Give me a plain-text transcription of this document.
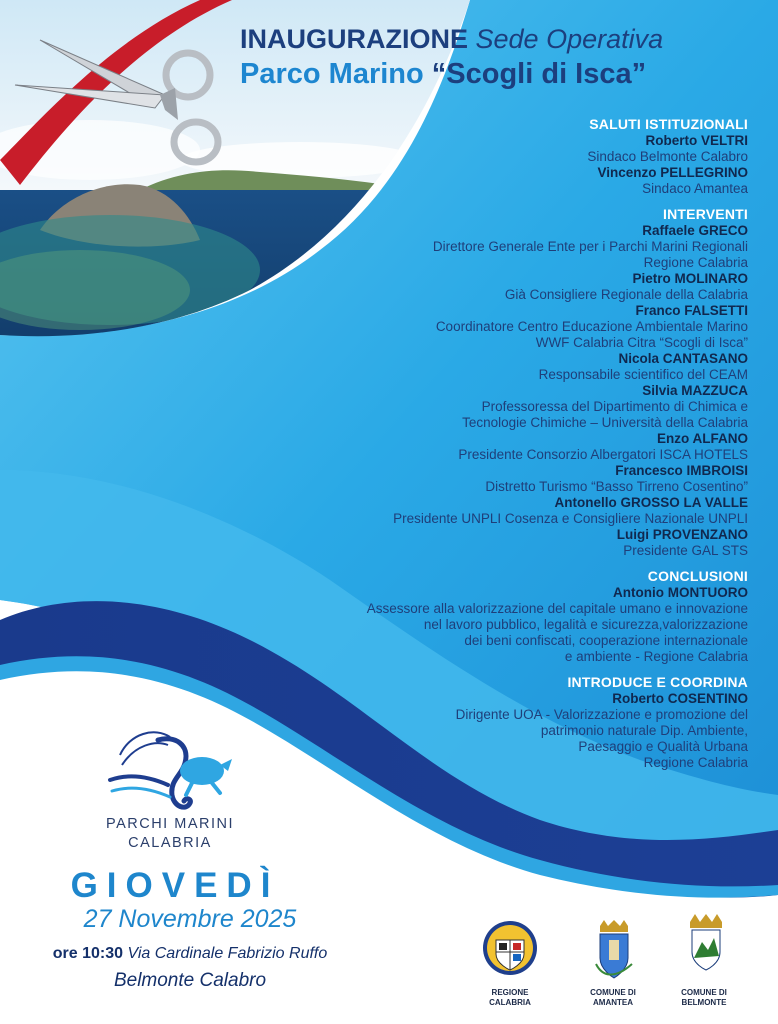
INAUGURAZIONE Sede Operativa
Parco Marino “Scogli di Isca”
SALUTI ISTITUZIONALI
Roberto VELTRI
Sindaco Belmonte Calabro
Vincenzo PELLEGRINO
Sindaco Amantea
INTERVENTI
Raffaele GRECO
Direttore Generale Ente per i Parchi Marini Regionali
Regione Calabria
Pietro MOLINARO
Già Consigliere Regionale della Calabria
Franco FALSETTI
Coordinatore Centro Educazione Ambientale Marino
WWF Calabria Citra “Scogli di Isca”
Nicola CANTASANO
Responsabile scientifico del CEAM
Silvia MAZZUCA
Professoressa del Dipartimento di Chimica e
Tecnologie Chimiche – Università della Calabria
Enzo ALFANO
Presidente Consorzio Albergatori ISCA HOTELS
Francesco IMBROISI
Distretto Turismo “Basso Tirreno Cosentino”
Antonello GROSSO LA VALLE
Presidente UNPLI Cosenza e Consigliere Nazionale UNPLI
Luigi PROVENZANO
Presidente GAL STS
CONCLUSIONI
Antonio MONTUORO
Assessore alla valorizzazione del capitale umano e innovazione
nel lavoro pubblico, legalità e sicurezza,valorizzazione
dei beni confiscati, cooperazione internazionale
e ambiente - Regione Calabria
INTRODUCE E COORDINA
Roberto COSENTINO
Dirigente UOA - Valorizzazione e promozione del
patrimonio naturale Dip. Ambiente,
Paesaggio e Qualità Urbana
Regione Calabria
PARCHI MARINI
CALABRIA
GIOVEDÌ
27 Novembre 2025
ore 10:30 Via Cardinale Fabrizio Ruffo
Belmonte Calabro
REGIONE
CALABRIA
COMUNE DI
AMANTEA
COMUNE DI
BELMONTE
